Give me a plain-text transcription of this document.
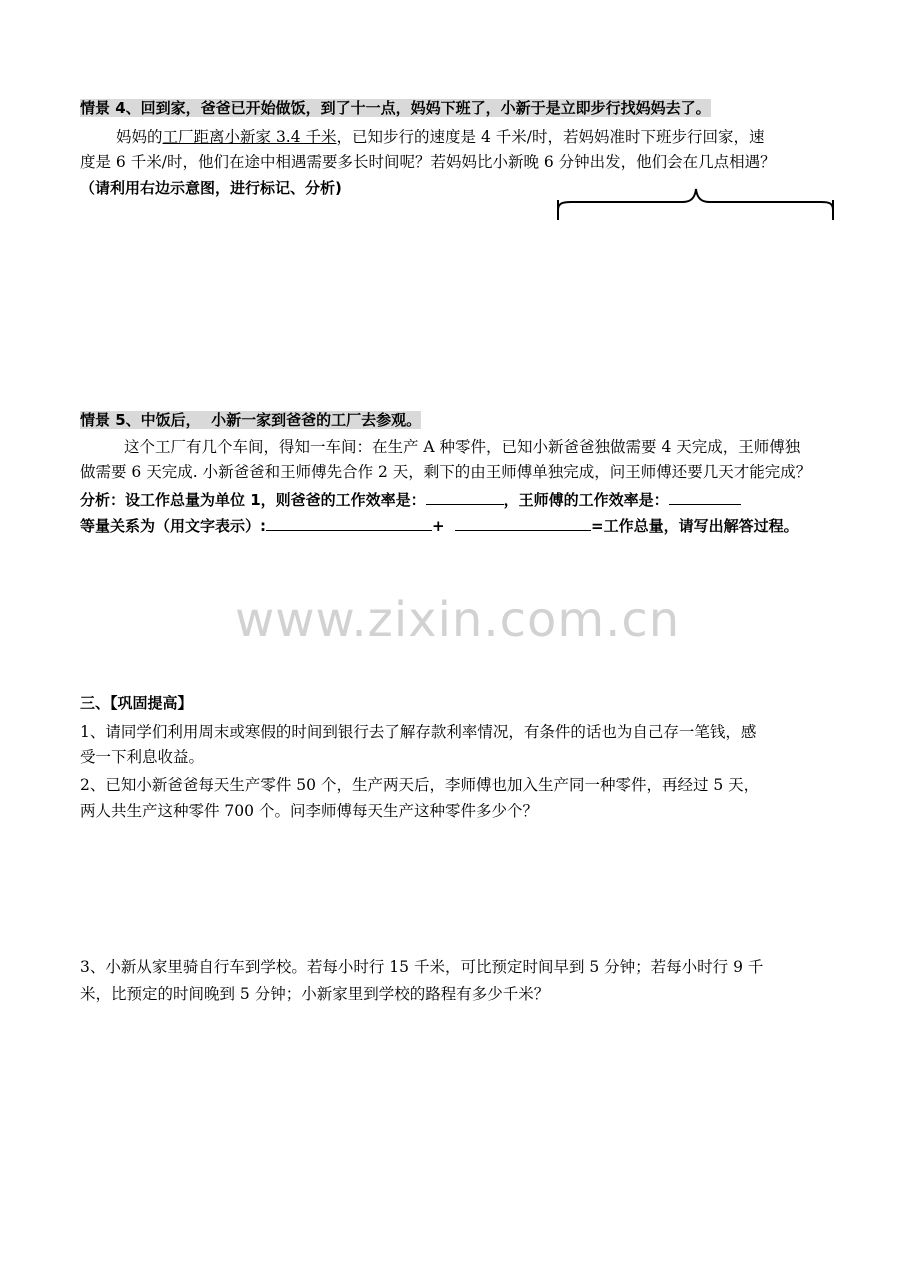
情景 4、回到家，爸爸已开始做饭，到了十一点，妈妈下班了，小新于是立即步行找妈妈去了。
妈妈的工厂距离小新家 3.4 千米，已知步行的速度是 4 千米/时，若妈妈准时下班步行回家，速
度是 6 千米/时，他们在途中相遇需要多长时间呢？若妈妈比小新晚 6 分钟出发，他们会在几点相遇？
（请利用右边示意图，进行标记、分析)
情景 5、中饭后，  小新一家到爸爸的工厂去参观。
这个工厂有几个车间，得知一车间：在生产 A 种零件，已知小新爸爸独做需要 4 天完成，王师傅独
做需要 6 天完成. 小新爸爸和王师傅先合作 2 天，剩下的由王师傅单独完成，问王师傅还要几天才能完成？
分析：设工作总量为单位 1，则爸爸的工作效率是：	，王师傅的工作效率是：
等量关系为（用文字表示）:	+	=工作总量，请写出解答过程。
www.zixin.com.cn
三、【巩固提高】
1、请同学们利用周末或寒假的时间到银行去了解存款利率情况，有条件的话也为自己存一笔钱，感
受一下利息收益。
2、已知小新爸爸每天生产零件 50 个，生产两天后，李师傅也加入生产同一种零件，再经过 5 天，
两人共生产这种零件 700 个。问李师傅每天生产这种零件多少个？
3、小新从家里骑自行车到学校。若每小时行 15 千米，可比预定时间早到 5 分钟；若每小时行 9 千
米，比预定的时间晚到 5 分钟；小新家里到学校的路程有多少千米？
